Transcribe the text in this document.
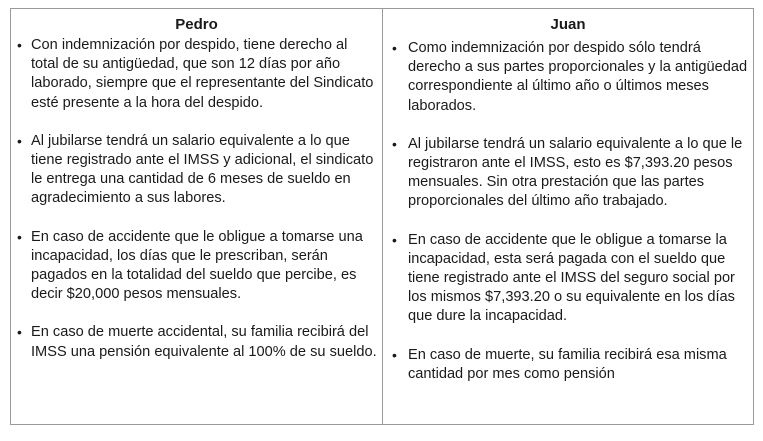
Pedro
• Con indemnización por despido, tiene derecho al total de su antigüedad, que son 12 días por año laborado, siempre que el representante del Sindicato esté presente a la hora del despido.
• Al jubilarse tendrá un salario equivalente a lo que tiene registrado ante el IMSS y adicional, el sindicato le entrega una cantidad de 6 meses de sueldo en agradecimiento a sus labores.
• En caso de accidente que le obligue a tomarse una incapacidad, los días que le prescriban, serán pagados en la totalidad del sueldo que percibe, es decir $20,000 pesos mensuales.
• En caso de muerte accidental, su familia recibirá del IMSS una pensión equivalente al 100% de su sueldo.
Juan
• Como indemnización por despido sólo tendrá derecho a sus partes proporcionales y la antigüedad correspondiente al último año o últimos meses laborados.
• Al jubilarse tendrá un salario equivalente a lo que le registraron ante el IMSS, esto es $7,393.20 pesos mensuales. Sin otra prestación que las partes proporcionales del último año trabajado.
• En caso de accidente que le obligue a tomarse la incapacidad, esta será pagada con el sueldo que tiene registrado ante el IMSS del seguro social por los mismos $7,393.20 o su equivalente en los días que dure la incapacidad.
• En caso de muerte, su familia recibirá esa misma cantidad por mes como pensión
